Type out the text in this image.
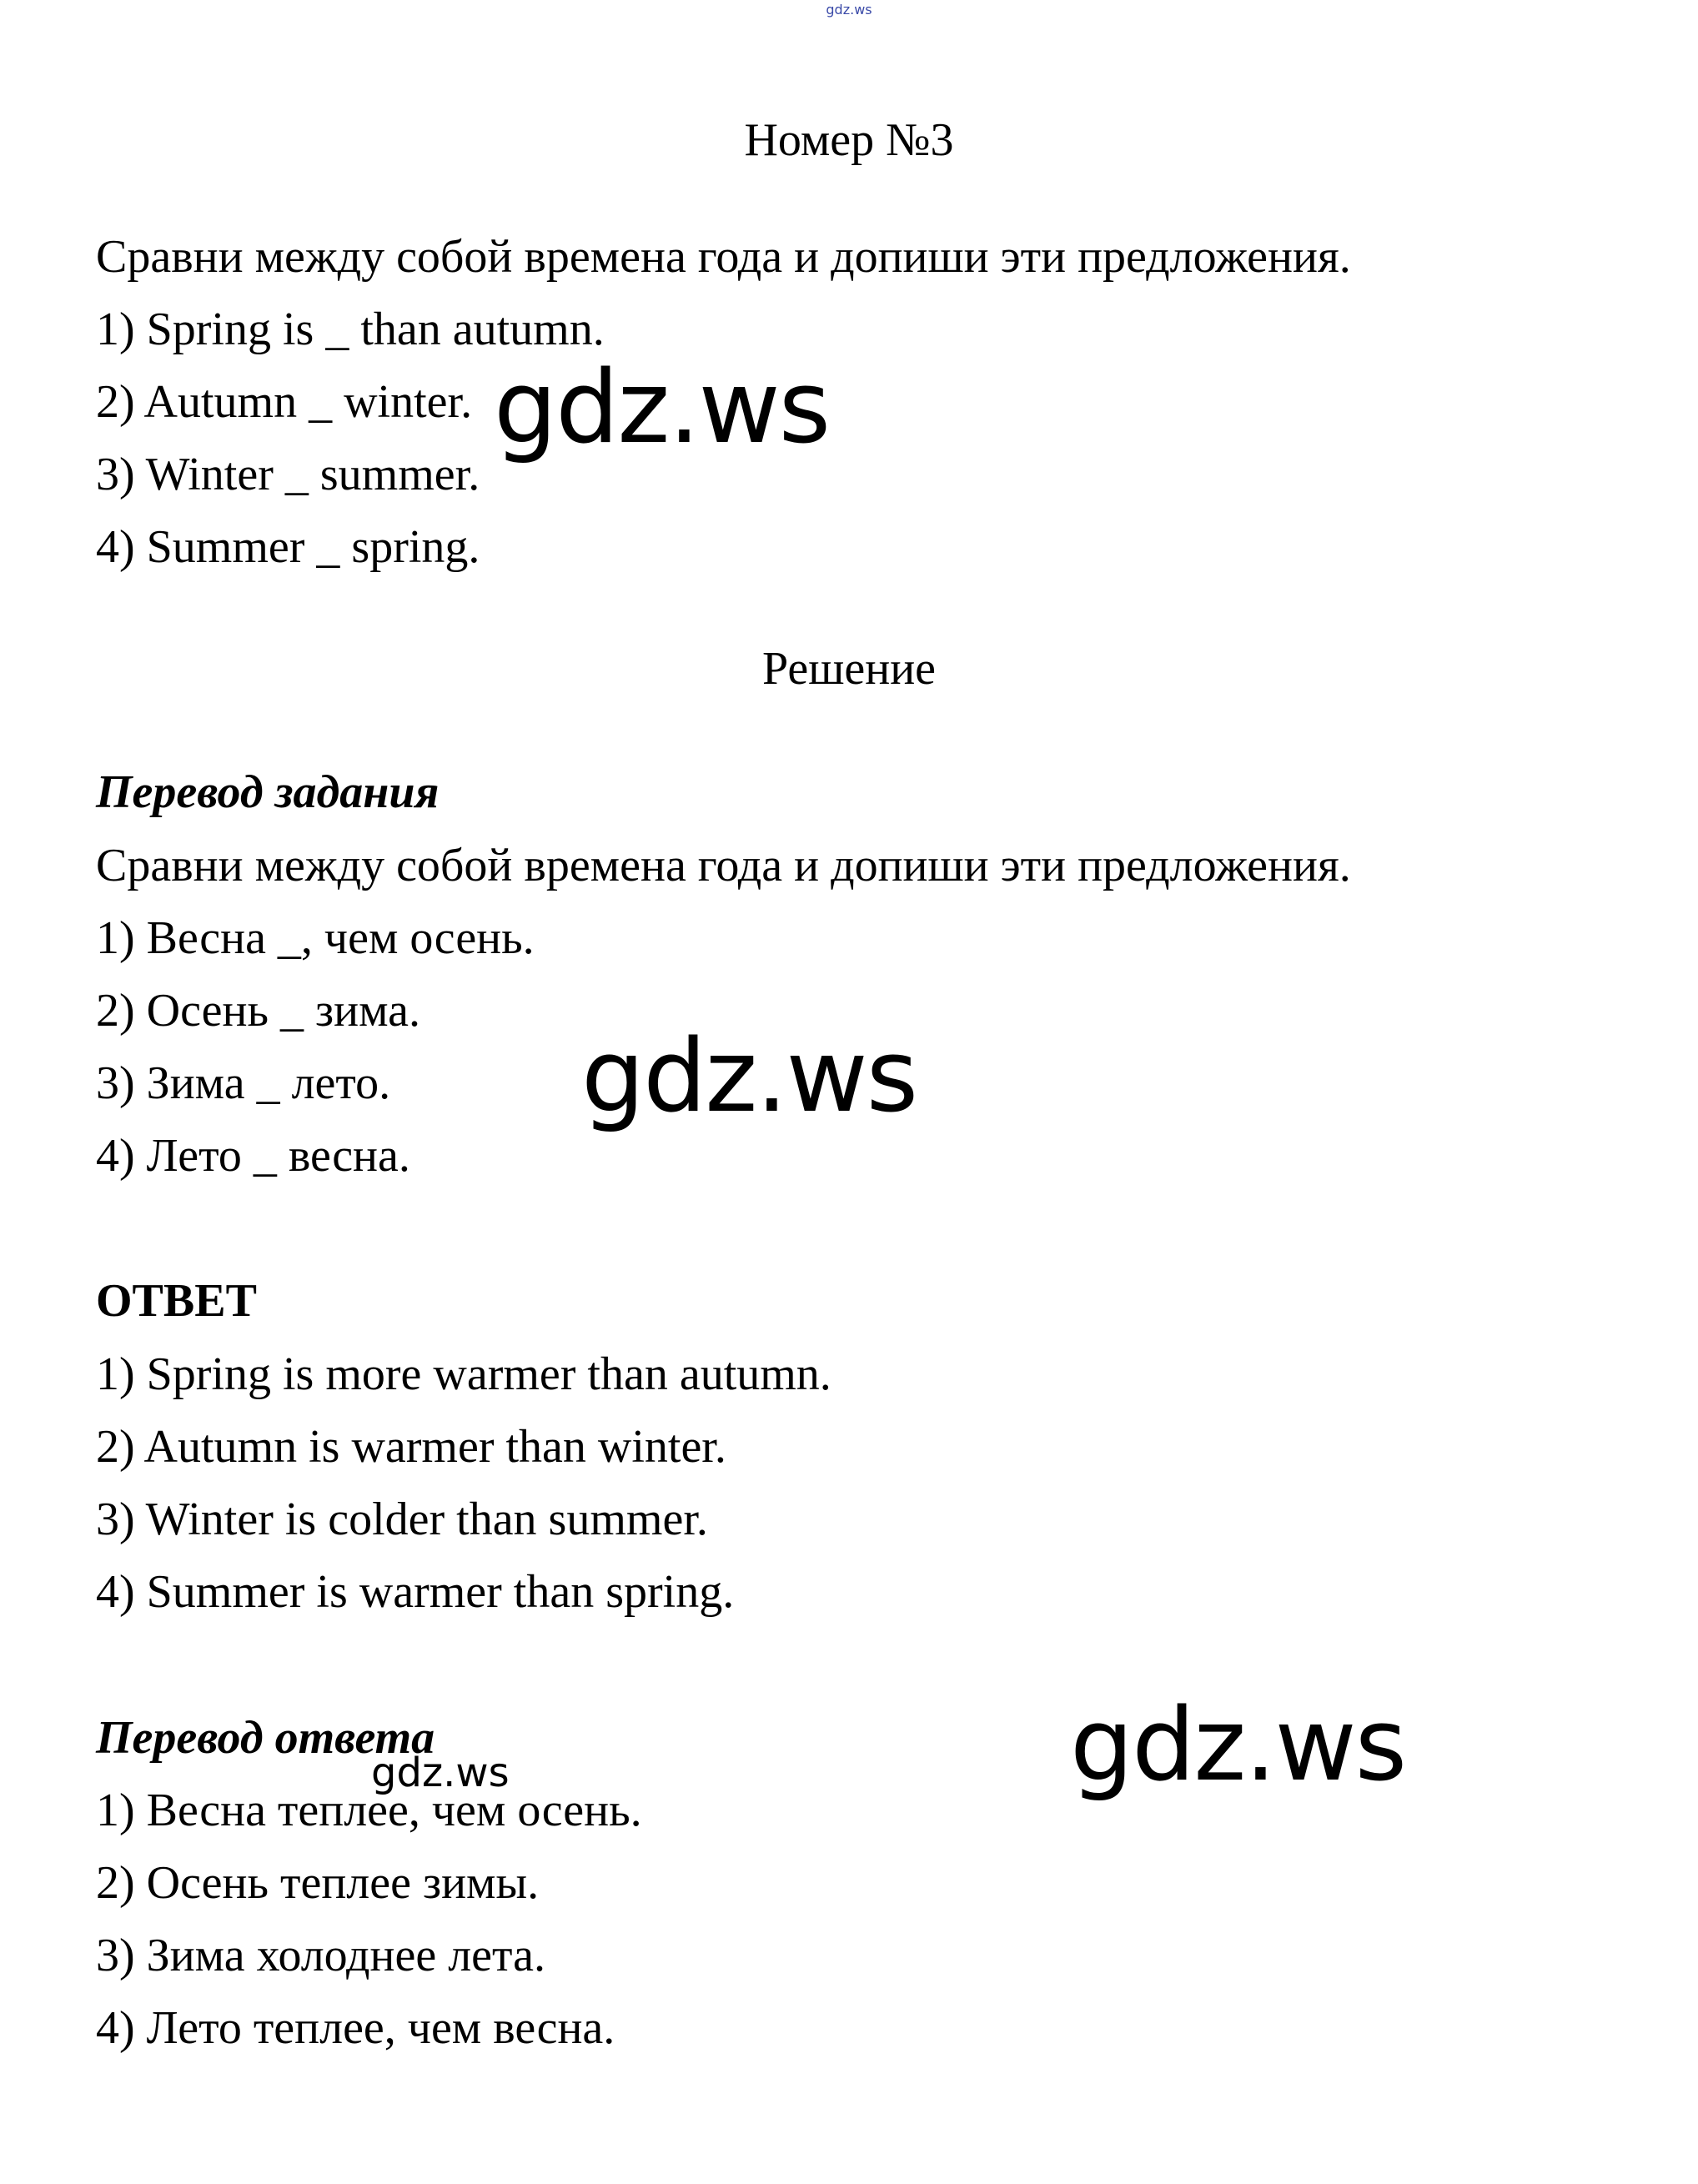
gdz.ws
Номер №3
Сравни между собой времена года и допиши эти предложения.
1) Spring is _ than autumn.
2) Autumn _ winter.
3) Winter _ summer.
4) Summer _ spring.
Решение
Перевод задания
Сравни между собой времена года и допиши эти предложения.
1) Весна _, чем осень.
2) Осень _ зима.
3) Зима _ лето.
4) Лето _ весна.
ОТВЕТ
1) Spring is more warmer than autumn.
2) Autumn is warmer than winter.
3) Winter is colder than summer.
4) Summer is warmer than spring.
Перевод ответа
1) Весна теплее, чем осень.
2) Осень теплее зимы.
3) Зима холоднее лета.
4) Лето теплее, чем весна.
gdz.ws
gdz.ws
gdz.ws
gdz.ws
